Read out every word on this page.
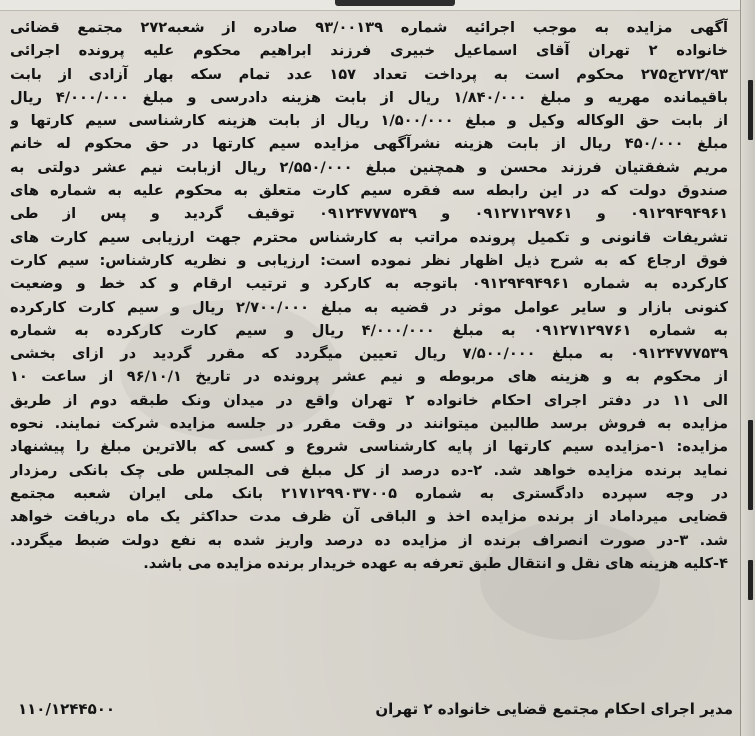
آگهی مزایده به موجب اجرائیه شماره ۹۳/۰۰۱۳۹ صادره از شعبه۲۷۲ مجتمع قضائی
خانواده ۲ تهران آقای اسماعیل خبیری فرزند ابراهیم محکوم علیه پرونده اجرائی
۲۷۲/۹۳ج۲۷۵ محکوم است به پرداخت تعداد ۱۵۷ عدد تمام سکه بهار آزادی از بابت
باقیمانده مهریه و مبلغ ۱/۸۴۰/۰۰۰ ریال از بابت هزینه دادرسی و مبلغ ۴/۰۰۰/۰۰۰ ریال
از بابت حق الوکاله وکیل و مبلغ ۱/۵۰۰/۰۰۰ ریال از بابت هزینه کارشناسی سیم کارتها و
مبلغ ۴۵۰/۰۰۰ ریال از بابت هزینه نشرآگهی مزایده سیم کارتها در حق محکوم له خانم
مریم شفقتیان فرزند محسن و همچنین مبلغ ۲/۵۵۰/۰۰۰ ریال ازبابت نیم عشر دولتی به
صندوق دولت که در این رابطه سه فقره سیم کارت متعلق به محکوم علیه به شماره های
۰۹۱۲۹۴۹۴۹۶۱ و ۰۹۱۲۷۱۲۹۷۶۱ و ۰۹۱۲۴۷۷۷۵۳۹ توقیف گردید و پس از طی
تشریفات قانونی و تکمیل پرونده مراتب به کارشناس محترم جهت ارزیابی سیم کارت های
فوق ارجاع که به شرح ذیل اظهار نظر نموده است: ارزیابی و نظریه کارشناس: سیم کارت
کارکرده به شماره ۰۹۱۲۹۴۹۴۹۶۱ باتوجه به کارکرد و ترتیب ارقام و کد خط و وضعیت
کنونی بازار و سایر عوامل موثر در قضیه به مبلغ ۲/۷۰۰/۰۰۰ ریال و سیم کارت کارکرده
به شماره ۰۹۱۲۷۱۲۹۷۶۱ به مبلغ ۴/۰۰۰/۰۰۰ ریال و سیم کارت کارکرده به شماره
۰۹۱۲۴۷۷۷۵۳۹ به مبلغ ۷/۵۰۰/۰۰۰ ریال تعیین میگردد که مقرر گردید در ازای بخشی
از محکوم به و هزینه های مربوطه و نیم عشر پرونده در تاریخ ۹۶/۱۰/۱ از ساعت ۱۰
الی ۱۱ در دفتر اجرای احکام خانواده ۲ تهران واقع در میدان ونک طبقه دوم از طریق
مزایده به فروش برسد طالبین میتوانند در وقت مقرر در جلسه مزایده شرکت نمایند. نحوه
مزایده: ۱-مزایده سیم کارتها از پایه کارشناسی شروع و کسی که بالاترین مبلغ را پیشنهاد
نماید برنده مزایده خواهد شد. ۲-ده درصد از کل مبلغ فی المجلس طی چک بانکی رمزدار
در وجه سپرده دادگستری به شماره ۲۱۷۱۲۹۹۰۳۷۰۰۵ بانک ملی ایران شعبه مجتمع
قضایی میرداماد از برنده مزایده اخذ و الباقی آن ظرف مدت حداکثر یک ماه دریافت خواهد
شد. ۳-در صورت انصراف برنده از مزایده ده درصد واریز شده به نفع دولت ضبط میگردد.
۴-کلیه هزینه های نقل و انتقال طبق تعرفه به عهده خریدار برنده مزایده می باشد.
۱۱۰/۱۲۴۴۵۰۰	مدیر اجرای احکام مجتمع قضایی خانواده ۲ تهران
